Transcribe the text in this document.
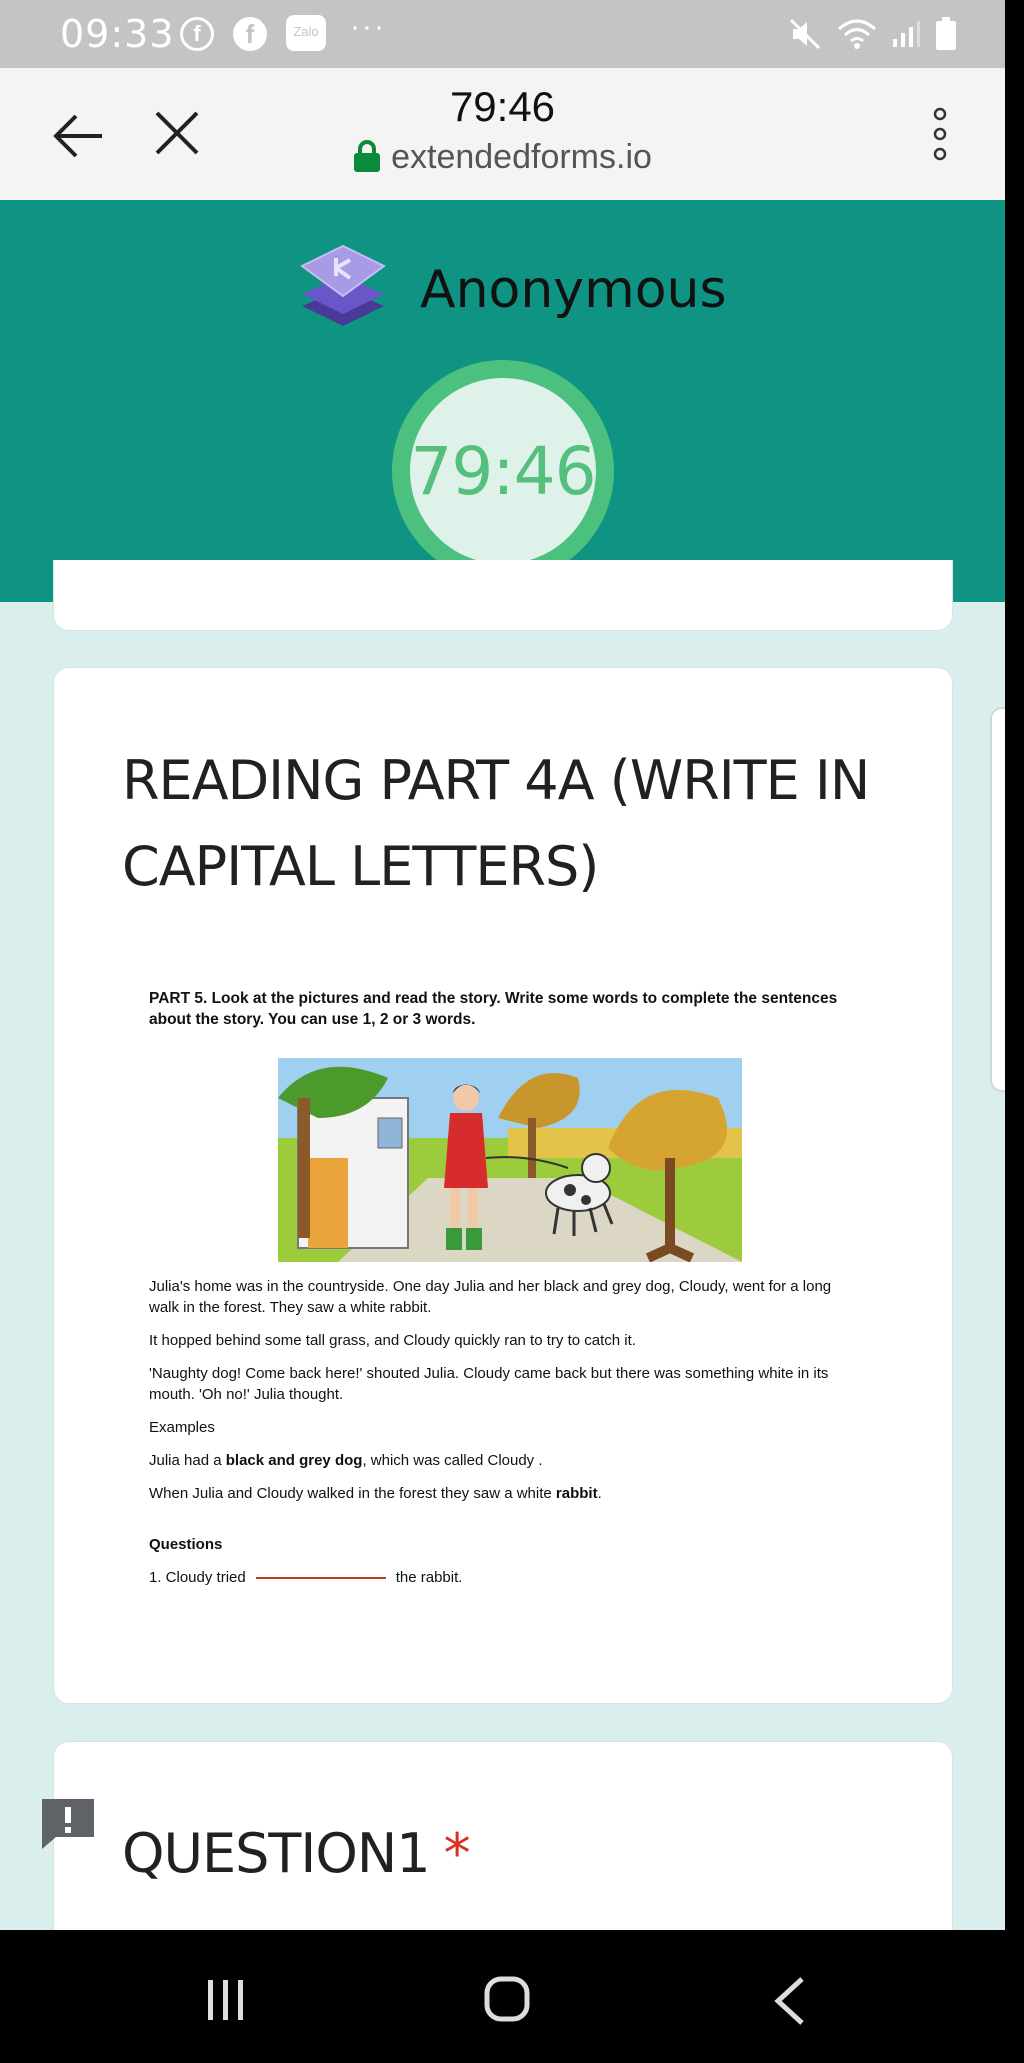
09:33 f	f	Zalo ···
79:46
extendedforms.io
Anonymous
79:46
READING PART 4A (WRITE IN CAPITAL LETTERS)

PART 5. Look at the pictures and read the story. Write some words to complete the sentences about the story. You can use 1, 2 or 3 words.

Julia's home was in the countryside. One day Julia and her black and grey dog, Cloudy, went for a long walk in the forest. They saw a white rabbit.

It hopped behind some tall grass, and Cloudy quickly ran to try to catch it.

'Naughty dog! Come back here!' shouted Julia. Cloudy came back but there was something white in its mouth. 'Oh no!' Julia thought.

Examples

Julia had a black and grey dog, which was called Cloudy .

When Julia and Cloudy walked in the forest they saw a white rabbit.

Questions

1. Cloudy tried	the rabbit.

QUESTION1 *
